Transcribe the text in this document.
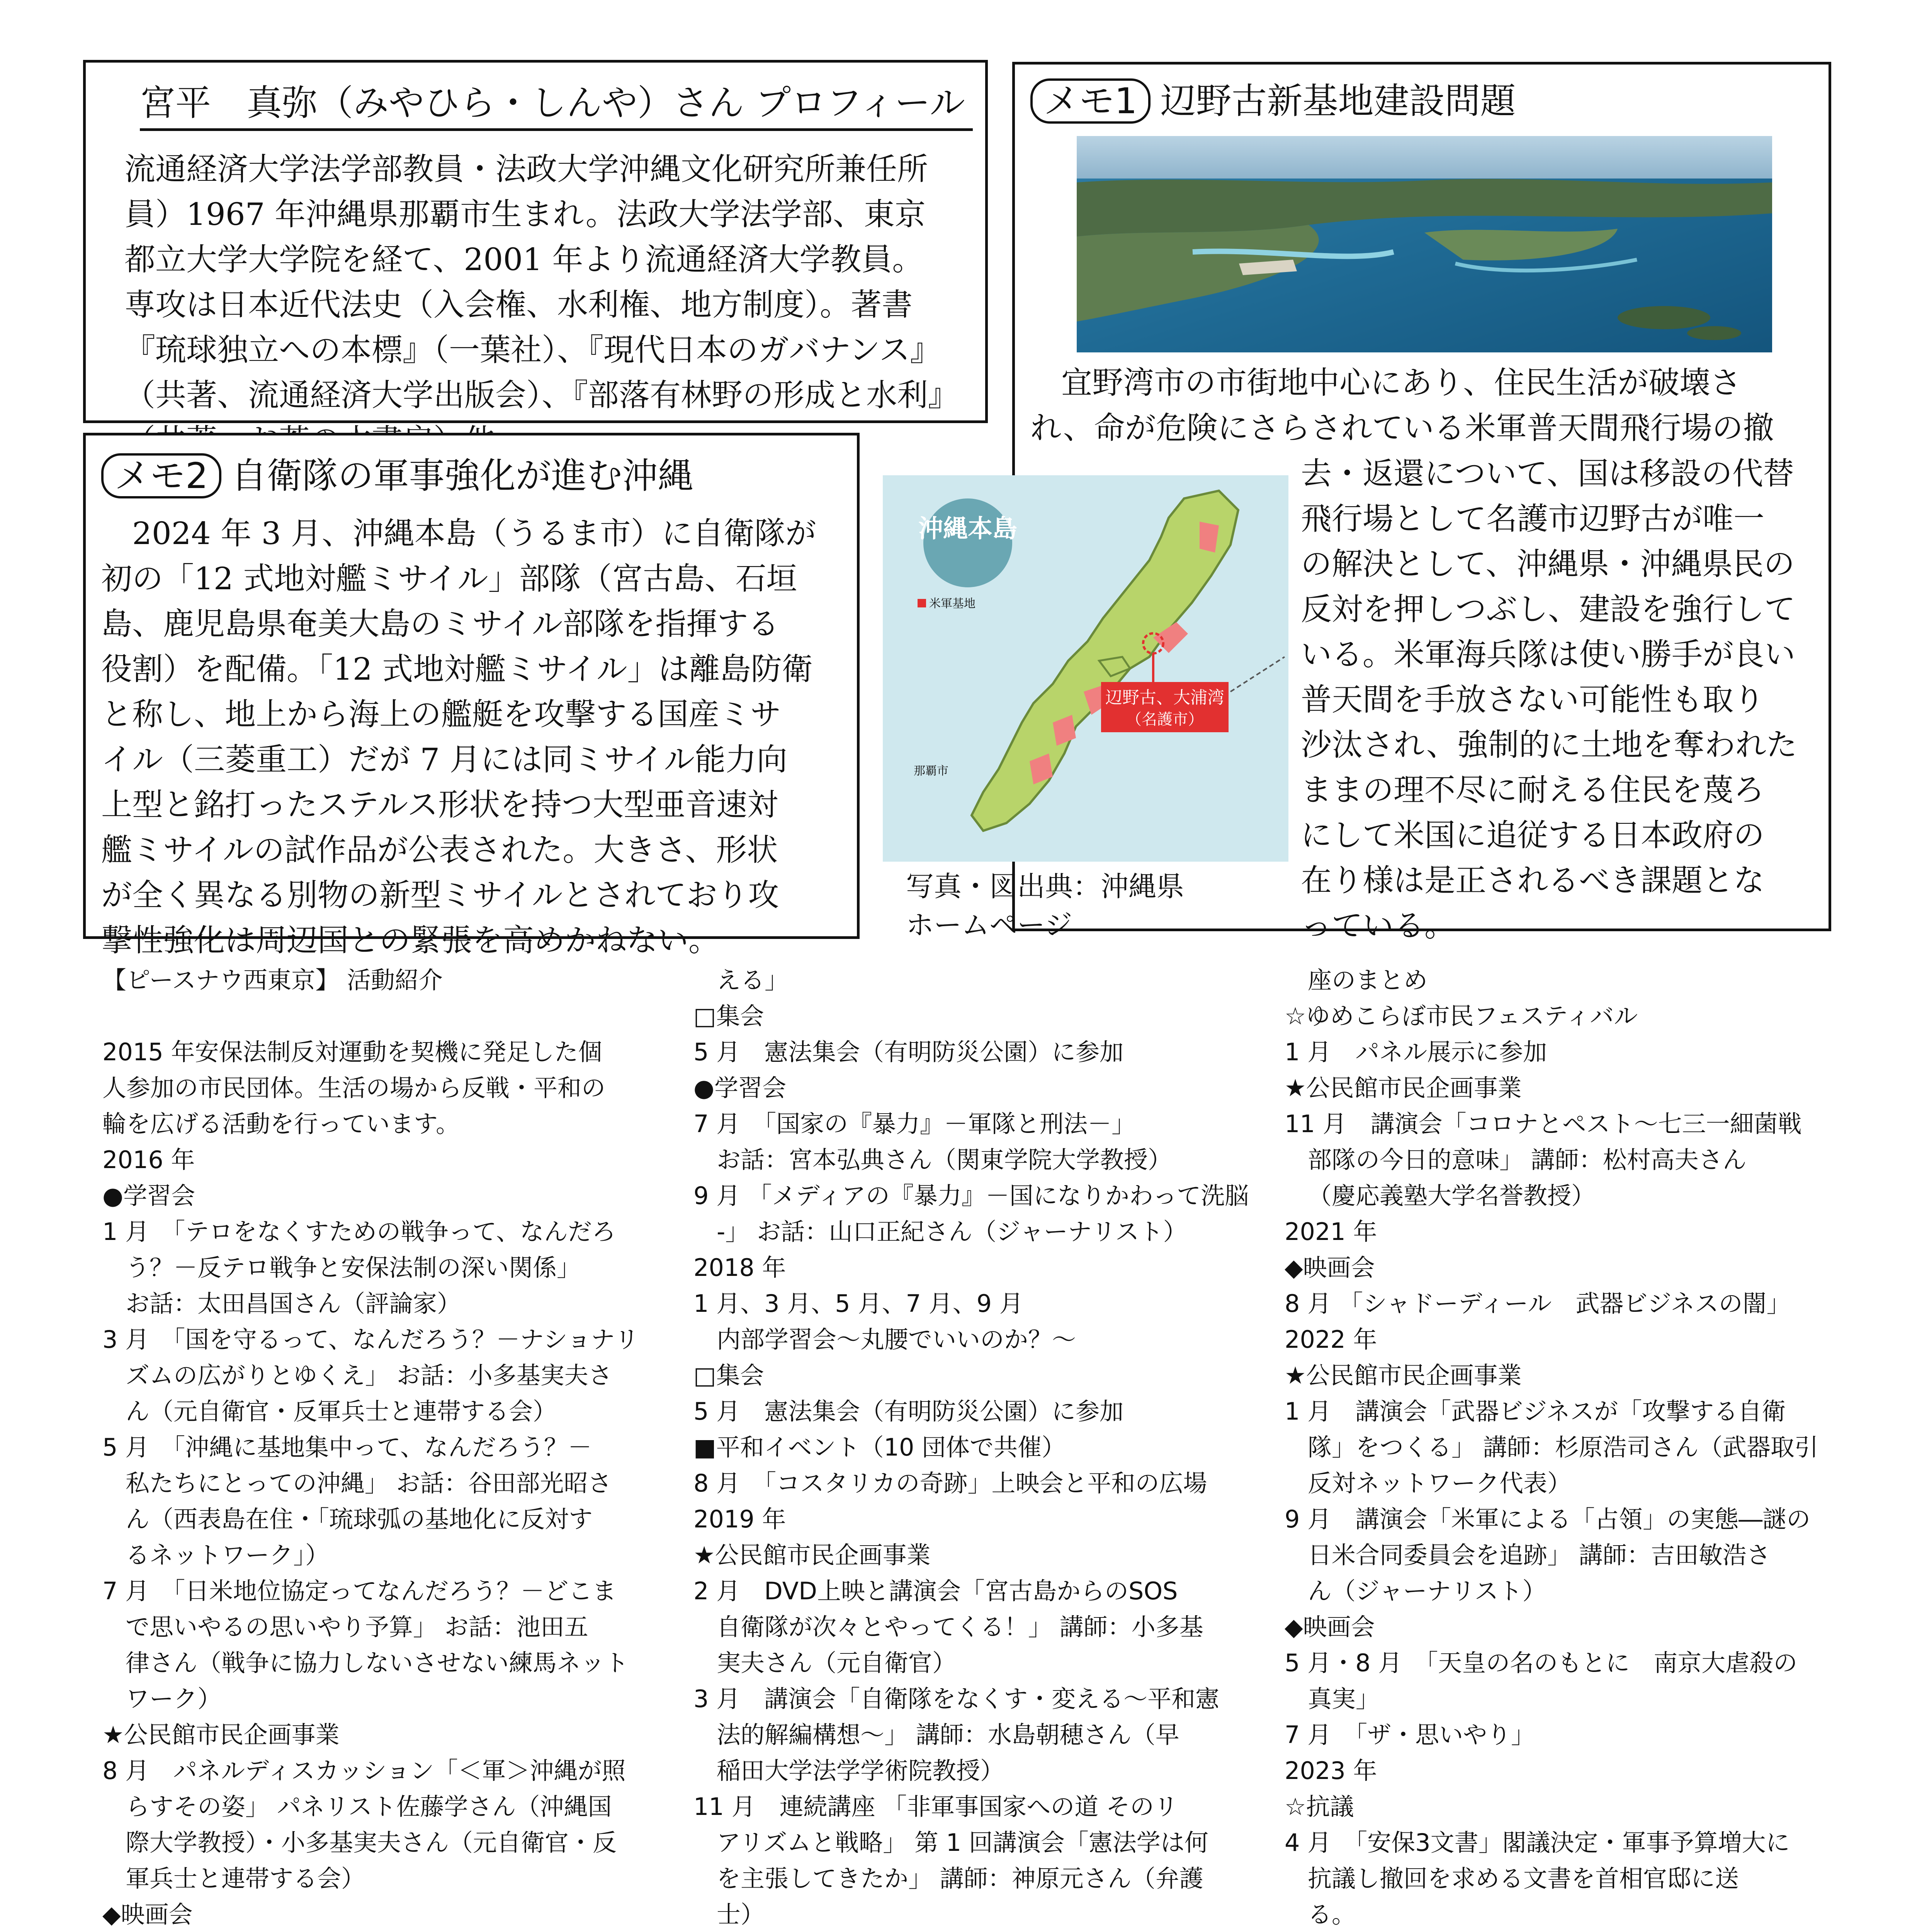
宮平　真弥（みやひら・しんや）さん プロフィール
流通経済大学法学部教員・法政大学沖縄文化研究所兼任所
員）1967 年沖縄県那覇市生まれ。法政大学法学部、東京
都立大学大学院を経て、2001 年より流通経済大学教員。
専攻は日本近代法史（入会権、水利権、地方制度）。著書
『琉球独立への本標』（一葉社）、『現代日本のガバナンス』
（共著、流通経済大学出版会）、『部落有林野の形成と水利』
メモ1 辺野古新基地建設問題
　宜野湾市の市街地中心にあり、住民生活が破壊さ
れ、命が危険にさらされている米軍普天間飛行場の撤
去・返還について、国は移設の代替
飛行場として名護市辺野古が唯一
の解決として、沖縄県・沖縄県民の
反対を押しつぶし、建設を強行して
いる。米軍海兵隊は使い勝手が良い
普天間を手放さない可能性も取り
沙汰され、強制的に土地を奪われた
ままの理不尽に耐える住民を蔑ろ
にして米国に追従する日本政府の
在り様は是正されるべき課題とな
っている。
メモ2 自衛隊の軍事強化が進む沖縄
　2024 年 3 月、沖縄本島（うるま市）に自衛隊が
初の「12 式地対艦ミサイル」部隊（宮古島、石垣
島、鹿児島県奄美大島のミサイル部隊を指揮する
役割）を配備。「12 式地対艦ミサイル」は離島防衛
と称し、地上から海上の艦艇を攻撃する国産ミサ
イル（三菱重工）だが 7 月には同ミサイル能力向
上型と銘打ったステルス形状を持つ大型亜音速対
艦ミサイルの試作品が公表された。大きさ、形状
が全く異なる別物の新型ミサイルとされており攻
撃性強化は周辺国との緊張を高めかねない。
沖縄本島
米軍基地
那覇市
辺野古、大浦湾
（名護市）
写真・図出典：沖縄県
ホームページ
【ピースナウ西東京】 活動紹介
2015 年安保法制反対運動を契機に発足した個
人参加の市民団体。生活の場から反戦・平和の
輪を広げる活動を行っています。
2016 年
●学習会
1 月　「テロをなくすための戦争って、なんだろ
う？－反テロ戦争と安保法制の深い関係」
お話：太田昌国さん（評論家）
3 月　「国を守るって、なんだろう？－ナショナリ
ズムの広がりとゆくえ」 お話：小多基実夫さ
ん（元自衛官・反軍兵士と連帯する会）
5 月　「沖縄に基地集中って、なんだろう？－
私たちにとっての沖縄」 お話：谷田部光昭さ
ん（西表島在住・「琉球弧の基地化に反対す
るネットワーク」）
7 月　「日米地位協定ってなんだろう？－どこま
で思いやるの思いやり予算」 お話：池田五
律さん（戦争に協力しないさせない練馬ネット
ワーク）
★公民館市民企画事業
8 月　パネルディスカッション「＜軍＞沖縄が照
らすその姿」 パネリスト佐藤学さん（沖縄国
際大学教授）・小多基実夫さん（元自衛官・反
軍兵士と連帯する会）
◆映画会
える」
□集会
5 月　憲法集会（有明防災公園）に参加
●学習会
7 月　「国家の『暴力』－軍隊と刑法－」
お話：宮本弘典さん（関東学院大学教授）
9 月 「メディアの『暴力』－国になりかわって洗脳
-」 お話：山口正紀さん（ジャーナリスト）
2018 年
1 月、3 月、5 月、7 月、9 月
内部学習会～丸腰でいいのか？～
□集会
5 月　憲法集会（有明防災公園）に参加
■平和イベント（10 団体で共催）
8 月　「コスタリカの奇跡」上映会と平和の広場
2019 年
★公民館市民企画事業
2 月　DVD上映と講演会「宮古島からのSOS
自衛隊が次々とやってくる！」 講師：小多基
実夫さん（元自衛官）
3 月　講演会「自衛隊をなくす・変える～平和憲
法的解編構想～」 講師：水島朝穂さん（早
稲田大学法学学術院教授）
11 月　連続講座 「非軍事国家への道 そのリ
アリズムと戦略」 第 1 回講演会「憲法学は何
を主張してきたか」 講師：神原元さん（弁護
士）
座のまとめ
☆ゆめこらぼ市民フェスティバル
1 月　パネル展示に参加
★公民館市民企画事業
11 月　講演会「コロナとペスト～七三一細菌戦
部隊の今日的意味」 講師：松村高夫さん
（慶応義塾大学名誉教授）
2021 年
◆映画会
8 月 「シャドーディール　武器ビジネスの闇」
2022 年
★公民館市民企画事業
1 月　講演会「武器ビジネスが「攻撃する自衛
隊」をつくる」 講師：杉原浩司さん（武器取引
反対ネットワーク代表）
9 月　講演会「米軍による「占領」の実態―謎の
日米合同委員会を追跡」 講師：吉田敏浩さ
ん（ジャーナリスト）
◆映画会
5 月・8 月　「天皇の名のもとに　南京大虐殺の
真実」
7 月　「ザ・思いやり」
2023 年
☆抗議
4 月　「安保3文書」閣議決定・軍事予算増大に
抗議し撤回を求める文書を首相官邸に送
る。
